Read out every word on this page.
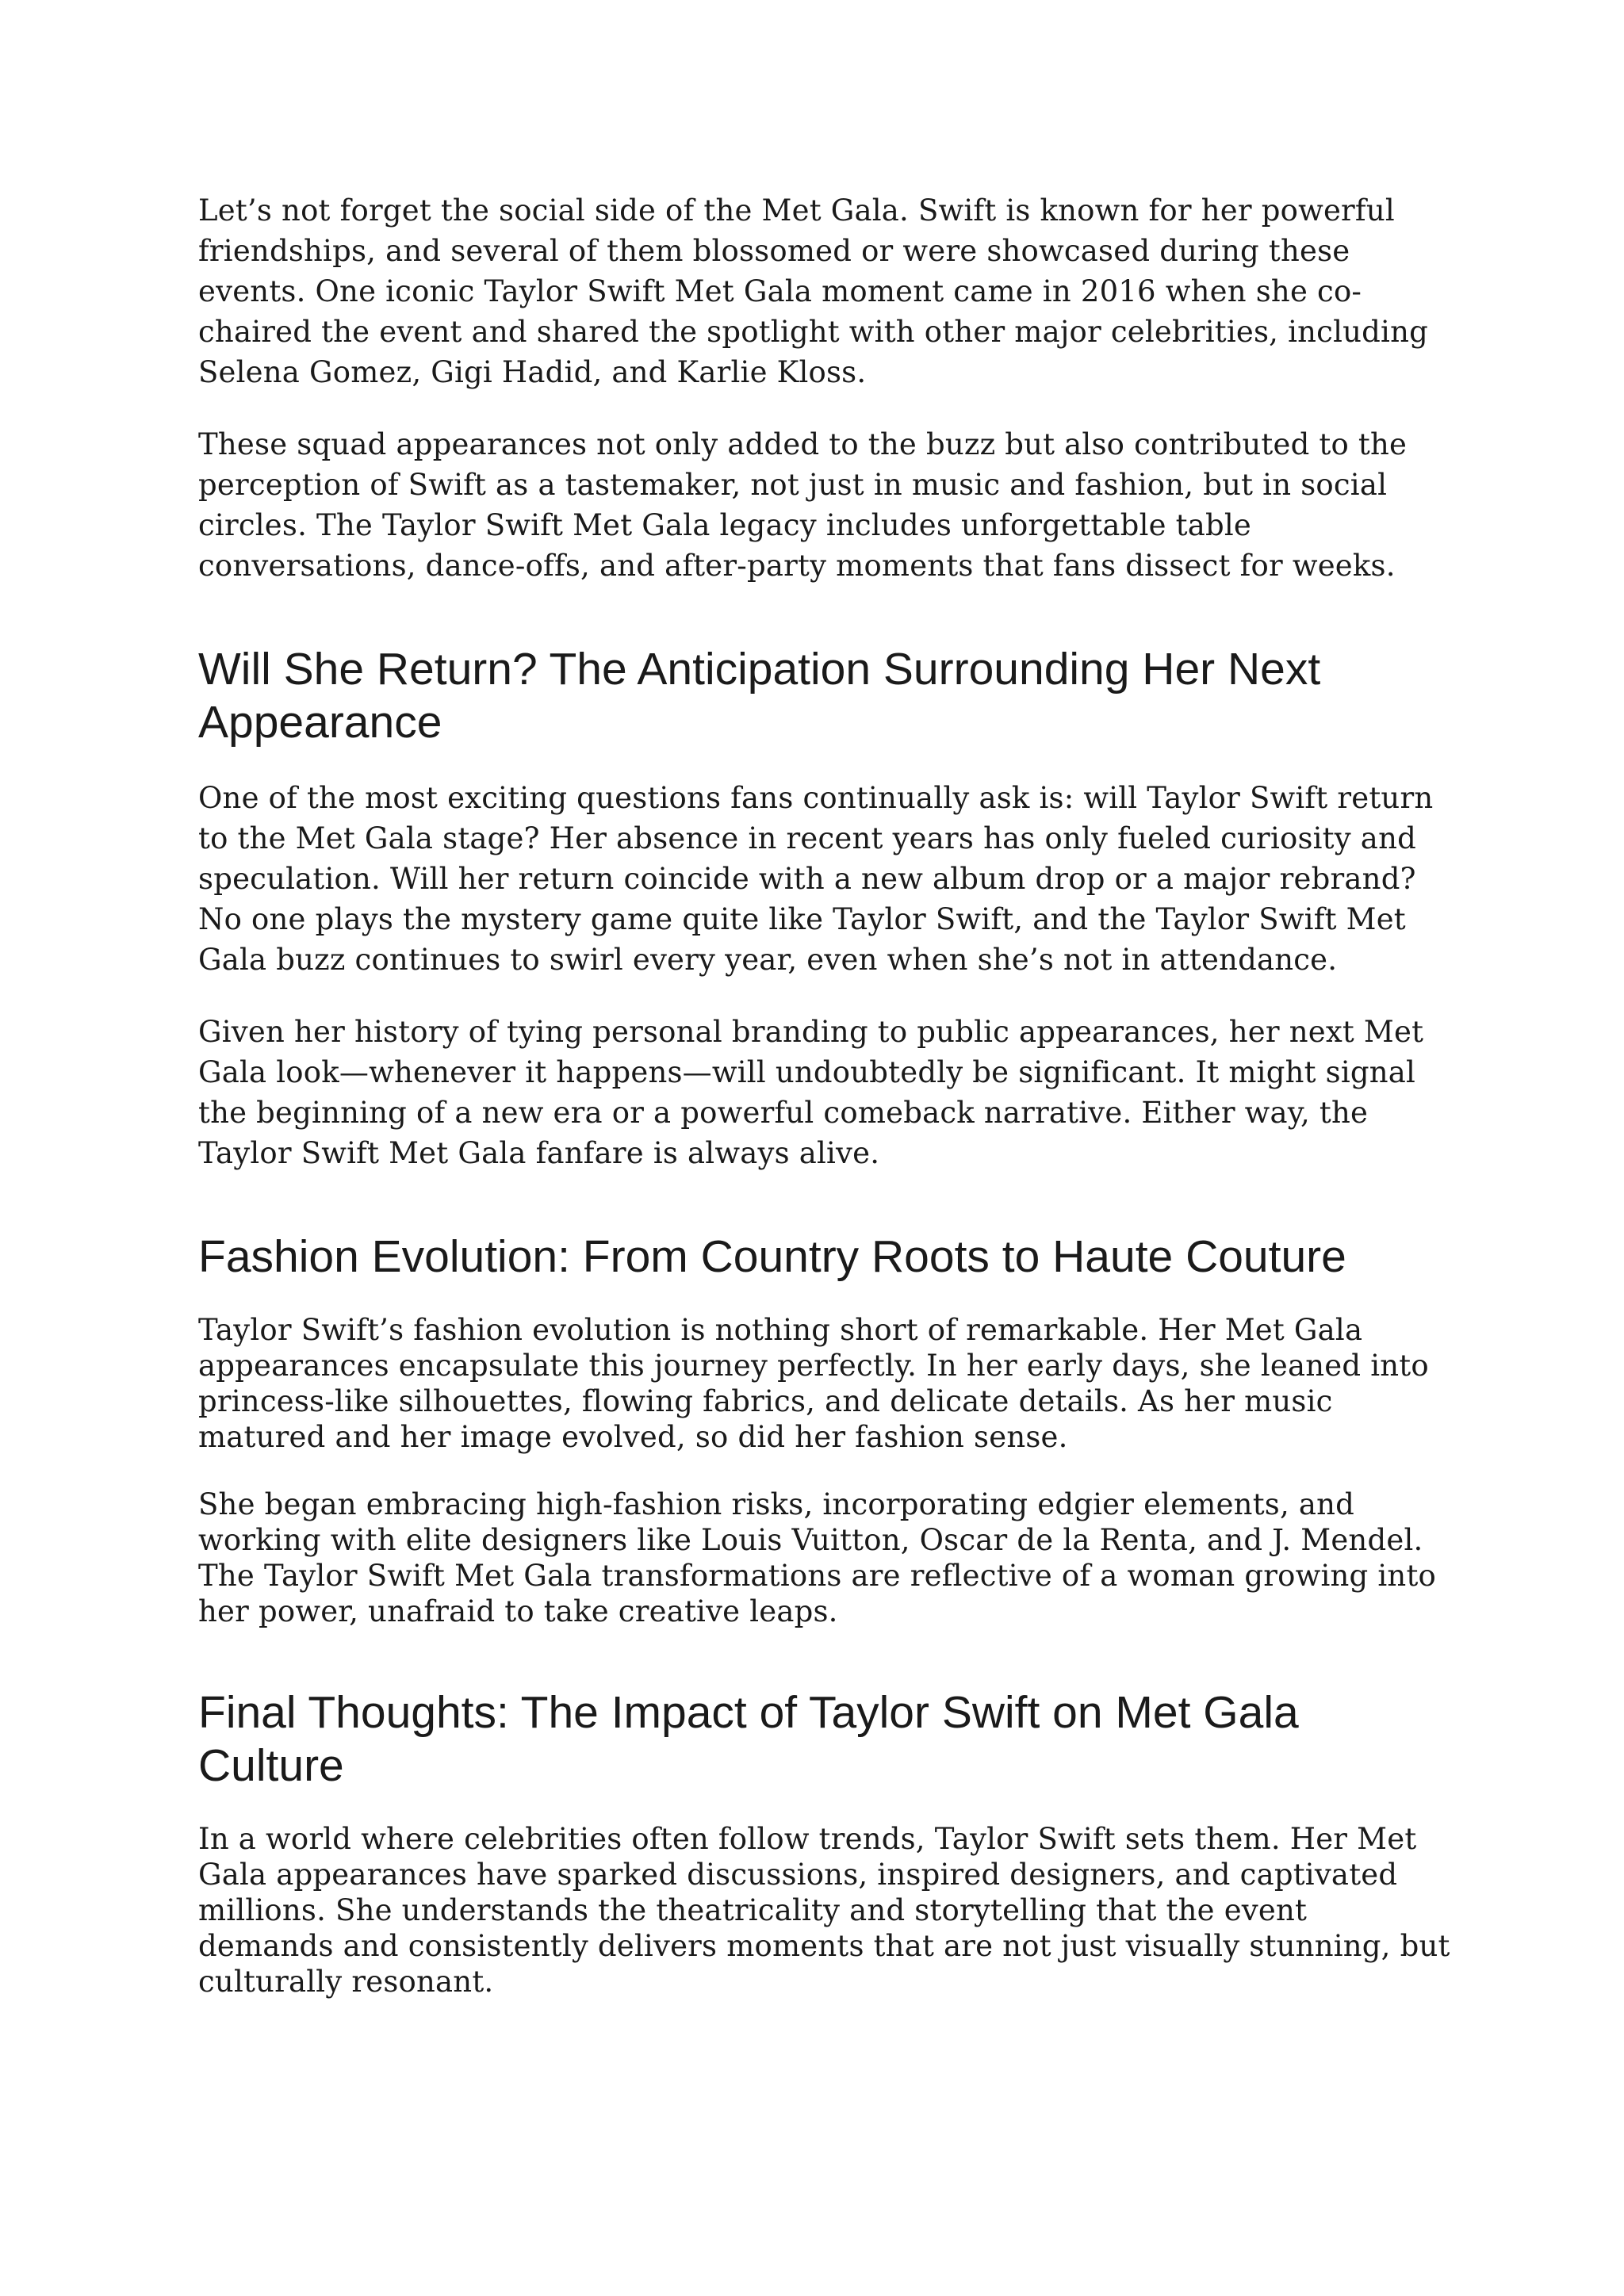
Let’s not forget the social side of the Met Gala. Swift is known for her powerful friendships, and several of them blossomed or were showcased during these events. One iconic Taylor Swift Met Gala moment came in 2016 when she co-chaired the event and shared the spotlight with other major celebrities, including Selena Gomez, Gigi Hadid, and Karlie Kloss.

These squad appearances not only added to the buzz but also contributed to the perception of Swift as a tastemaker, not just in music and fashion, but in social circles. The Taylor Swift Met Gala legacy includes unforgettable table conversations, dance-offs, and after-party moments that fans dissect for weeks.

Will She Return? The Anticipation Surrounding Her Next Appearance

One of the most exciting questions fans continually ask is: will Taylor Swift return to the Met Gala stage? Her absence in recent years has only fueled curiosity and speculation. Will her return coincide with a new album drop or a major rebrand? No one plays the mystery game quite like Taylor Swift, and the Taylor Swift Met Gala buzz continues to swirl every year, even when she’s not in attendance.

Given her history of tying personal branding to public appearances, her next Met Gala look—whenever it happens—will undoubtedly be significant. It might signal the beginning of a new era or a powerful comeback narrative. Either way, the Taylor Swift Met Gala fanfare is always alive.

Fashion Evolution: From Country Roots to Haute Couture

Taylor Swift’s fashion evolution is nothing short of remarkable. Her Met Gala appearances encapsulate this journey perfectly. In her early days, she leaned into princess-like silhouettes, flowing fabrics, and delicate details. As her music matured and her image evolved, so did her fashion sense.

She began embracing high-fashion risks, incorporating edgier elements, and working with elite designers like Louis Vuitton, Oscar de la Renta, and J. Mendel. The Taylor Swift Met Gala transformations are reflective of a woman growing into her power, unafraid to take creative leaps.

Final Thoughts: The Impact of Taylor Swift on Met Gala Culture

In a world where celebrities often follow trends, Taylor Swift sets them. Her Met Gala appearances have sparked discussions, inspired designers, and captivated millions. She understands the theatricality and storytelling that the event demands and consistently delivers moments that are not just visually stunning, but culturally resonant.
